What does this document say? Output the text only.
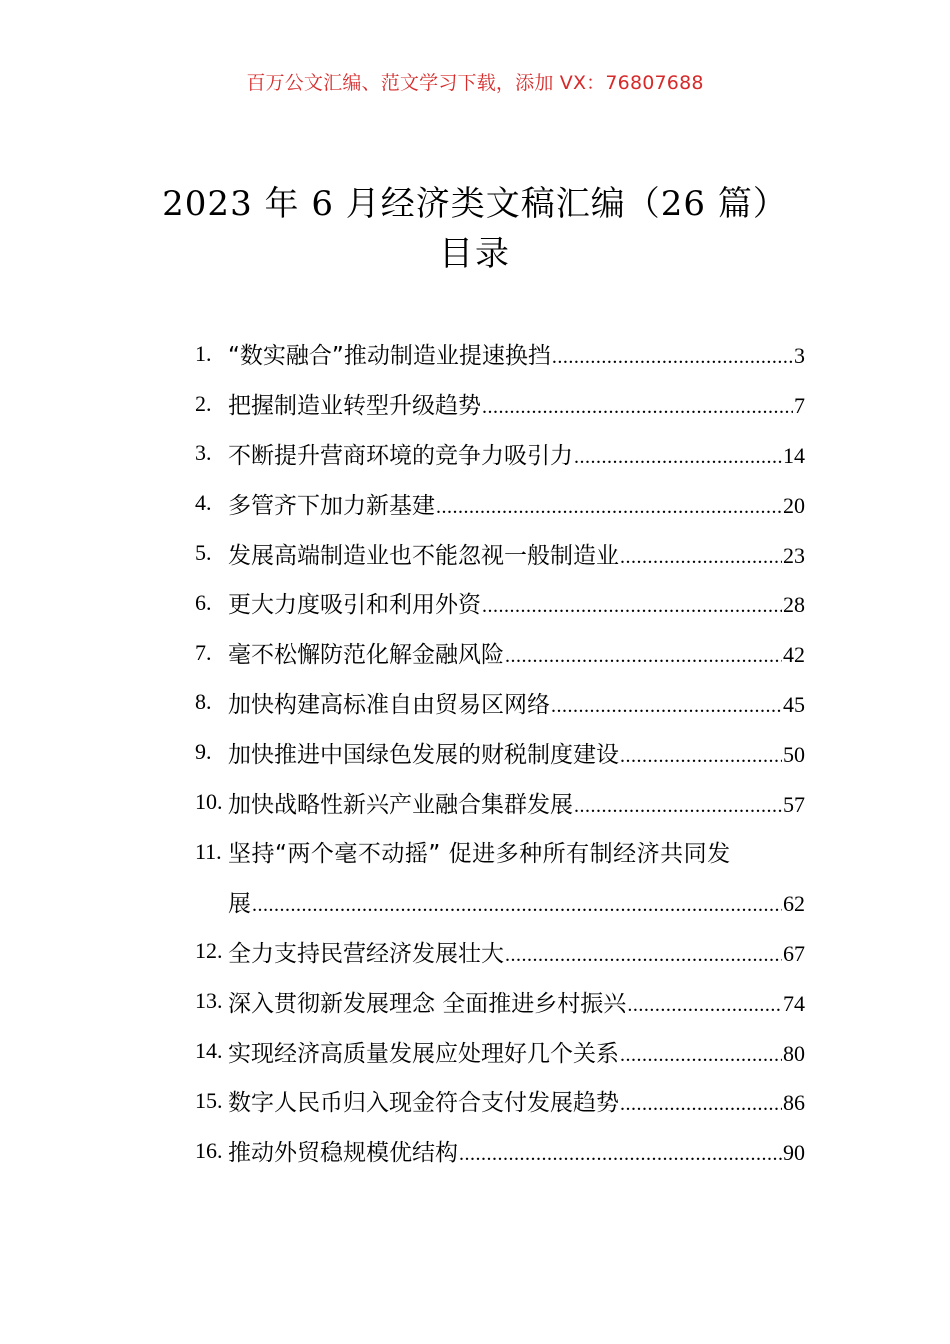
百万公文汇编、范文学习下载，添加 VX：76807688
2023 年 6 月经济类文稿汇编（26 篇）
目录
1. “数实融合”推动制造业提速换挡 .....	3
2. 把握制造业转型升级趋势 .....	7
3. 不断提升营商环境的竞争力吸引力 .....	14
4. 多管齐下加力新基建 .....	20
5. 发展高端制造业也不能忽视一般制造业 .....	23
6. 更大力度吸引和利用外资 .....	28
7. 毫不松懈防范化解金融风险 .....	42
8. 加快构建高标准自由贸易区网络 .....	45
9. 加快推进中国绿色发展的财税制度建设 .....	50
10. 加快战略性新兴产业融合集群发展 .....	57
11. 坚持“两个毫不动摇” 促进多种所有制经济共同发
展 .....	62
12. 全力支持民营经济发展壮大 .....	67
13. 深入贯彻新发展理念 全面推进乡村振兴 .....	74
14. 实现经济高质量发展应处理好几个关系 .....	80
15. 数字人民币归入现金符合支付发展趋势 .....	86
16. 推动外贸稳规模优结构 .....	90
